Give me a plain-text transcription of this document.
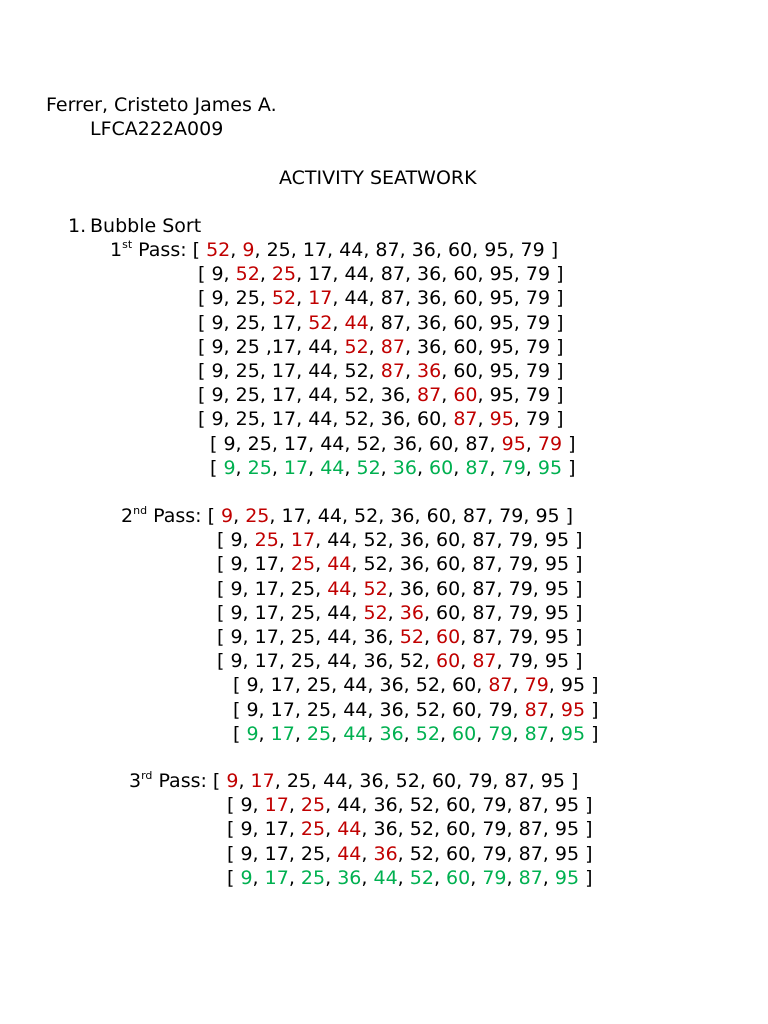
Ferrer, Cristeto James A.
LFCA222A009
ACTIVITY SEATWORK
1. Bubble Sort
1st Pass: [ 52, 9, 25, 17, 44, 87, 36, 60, 95, 79 ]
[ 9, 52, 25, 17, 44, 87, 36, 60, 95, 79 ]
[ 9, 25, 52, 17, 44, 87, 36, 60, 95, 79 ]
[ 9, 25, 17, 52, 44, 87, 36, 60, 95, 79 ]
[ 9, 25 ,17, 44, 52, 87, 36, 60, 95, 79 ]
[ 9, 25, 17, 44, 52, 87, 36, 60, 95, 79 ]
[ 9, 25, 17, 44, 52, 36, 87, 60, 95, 79 ]
[ 9, 25, 17, 44, 52, 36, 60, 87, 95, 79 ]
[ 9, 25, 17, 44, 52, 36, 60, 87, 95, 79 ]
[ 9, 25, 17, 44, 52, 36, 60, 87, 79, 95 ]
2nd Pass: [ 9, 25, 17, 44, 52, 36, 60, 87, 79, 95 ]
[ 9, 25, 17, 44, 52, 36, 60, 87, 79, 95 ]
[ 9, 17, 25, 44, 52, 36, 60, 87, 79, 95 ]
[ 9, 17, 25, 44, 52, 36, 60, 87, 79, 95 ]
[ 9, 17, 25, 44, 52, 36, 60, 87, 79, 95 ]
[ 9, 17, 25, 44, 36, 52, 60, 87, 79, 95 ]
[ 9, 17, 25, 44, 36, 52, 60, 87, 79, 95 ]
[ 9, 17, 25, 44, 36, 52, 60, 87, 79, 95 ]
[ 9, 17, 25, 44, 36, 52, 60, 79, 87, 95 ]
[ 9, 17, 25, 44, 36, 52, 60, 79, 87, 95 ]
3rd Pass: [ 9, 17, 25, 44, 36, 52, 60, 79, 87, 95 ]
[ 9, 17, 25, 44, 36, 52, 60, 79, 87, 95 ]
[ 9, 17, 25, 44, 36, 52, 60, 79, 87, 95 ]
[ 9, 17, 25, 44, 36, 52, 60, 79, 87, 95 ]
[ 9, 17, 25, 36, 44, 52, 60, 79, 87, 95 ]
